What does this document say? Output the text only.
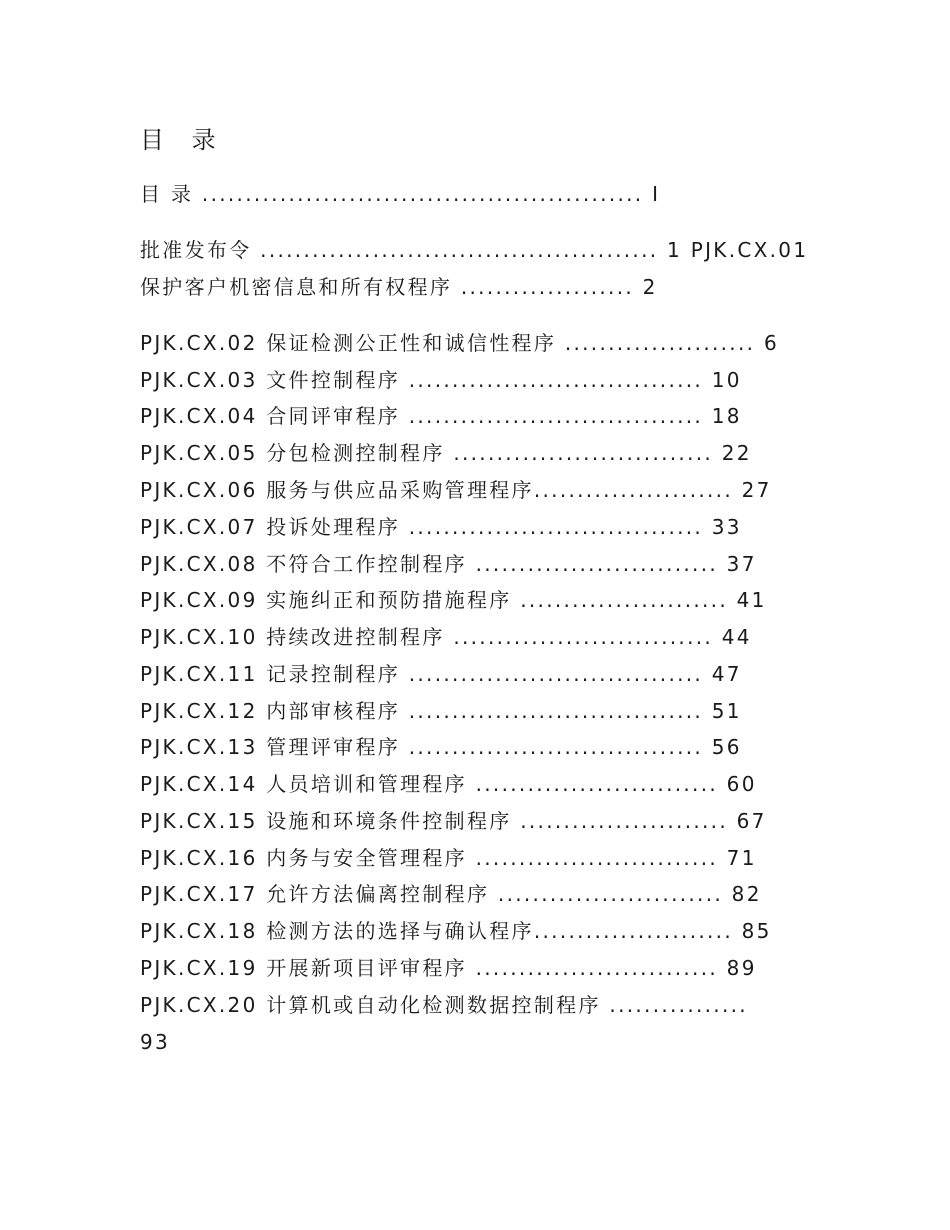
目 录
目 录 ................................................... I
批准发布令 .............................................. 1 PJK.CX.01
保护客户机密信息和所有权程序 .................... 2
PJK.CX.02 保证检测公正性和诚信性程序 ...................... 6
PJK.CX.03 文件控制程序 .................................. 10
PJK.CX.04 合同评审程序 .................................. 18
PJK.CX.05 分包检测控制程序 .............................. 22
PJK.CX.06 服务与供应品采购管理程序....................... 27
PJK.CX.07 投诉处理程序 .................................. 33
PJK.CX.08 不符合工作控制程序 ............................ 37
PJK.CX.09 实施纠正和预防措施程序 ........................ 41
PJK.CX.10 持续改进控制程序 .............................. 44
PJK.CX.11 记录控制程序 .................................. 47
PJK.CX.12 内部审核程序 .................................. 51
PJK.CX.13 管理评审程序 .................................. 56
PJK.CX.14 人员培训和管理程序 ............................ 60
PJK.CX.15 设施和环境条件控制程序 ........................ 67
PJK.CX.16 内务与安全管理程序 ............................ 71
PJK.CX.17 允许方法偏离控制程序 .......................... 82
PJK.CX.18 检测方法的选择与确认程序....................... 85
PJK.CX.19 开展新项目评审程序 ............................ 89
PJK.CX.20 计算机或自动化检测数据控制程序 ................
93
